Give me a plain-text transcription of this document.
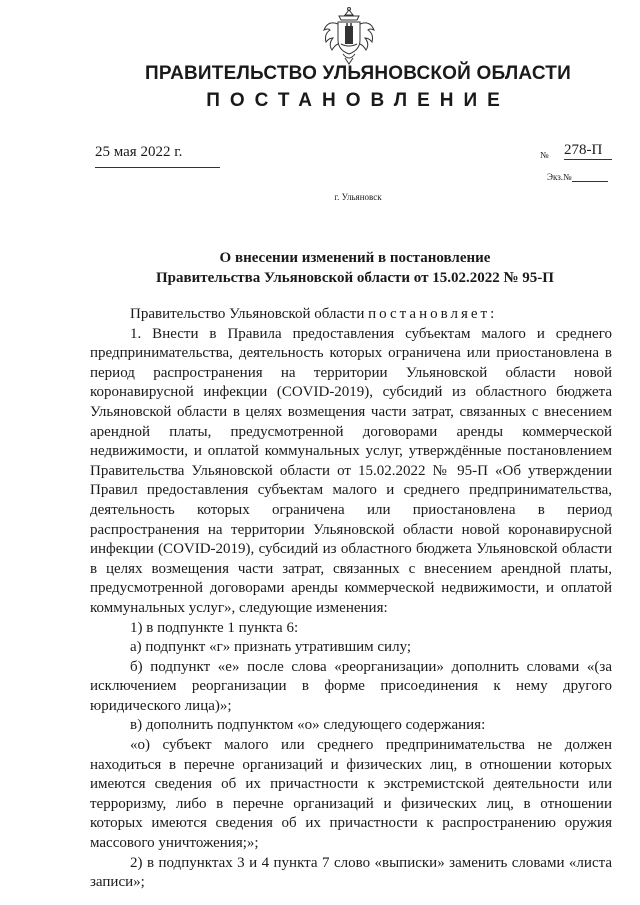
ПРАВИТЕЛЬСТВО УЛЬЯНОВСКОЙ ОБЛАСТИ
ПОСТАНОВЛЕНИЕ
25 мая 2022 г.	№ 278-П
Экз.№
г. Ульяновск
О внесении изменений в постановление
Правительства Ульяновской области от 15.02.2022 № 95-П

Правительство Ульяновской области постановляет:

1. Внести в Правила предоставления субъектам малого и среднего предпринимательства, деятельность которых ограничена или приостановлена в период распространения на территории Ульяновской области новой коронавирусной инфекции (COVID-2019), субсидий из областного бюджета Ульяновской области в целях возмещения части затрат, связанных с внесением арендной платы, предусмотренной договорами аренды коммерческой недвижимости, и оплатой коммунальных услуг, утверждённые постановлением Правительства Ульяновской области от 15.02.2022 № 95-П «Об утверждении Правил предоставления субъектам малого и среднего предпринимательства, деятельность которых ограничена или приостановлена в период распространения на территории Ульяновской области новой коронавирусной инфекции (COVID-2019), субсидий из областного бюджета Ульяновской области в целях возмещения части затрат, связанных с внесением арендной платы, предусмотренной договорами аренды коммерческой недвижимости, и оплатой коммунальных услуг», следующие изменения:

1) в подпункте 1 пункта 6:

а) подпункт «г» признать утратившим силу;

б) подпункт «е» после слова «реорганизации» дополнить словами «(за исключением реорганизации в форме присоединения к нему другого юридического лица)»;

в) дополнить подпунктом «о» следующего содержания:

«о) субъект малого или среднего предпринимательства не должен находиться в перечне организаций и физических лиц, в отношении которых имеются сведения об их причастности к экстремистской деятельности или терроризму, либо в перечне организаций и физических лиц, в отношении которых имеются сведения об их причастности к распространению оружия массового уничтожения;»;

2) в подпунктах 3 и 4 пункта 7 слово «выписки» заменить словами «листа записи»;
